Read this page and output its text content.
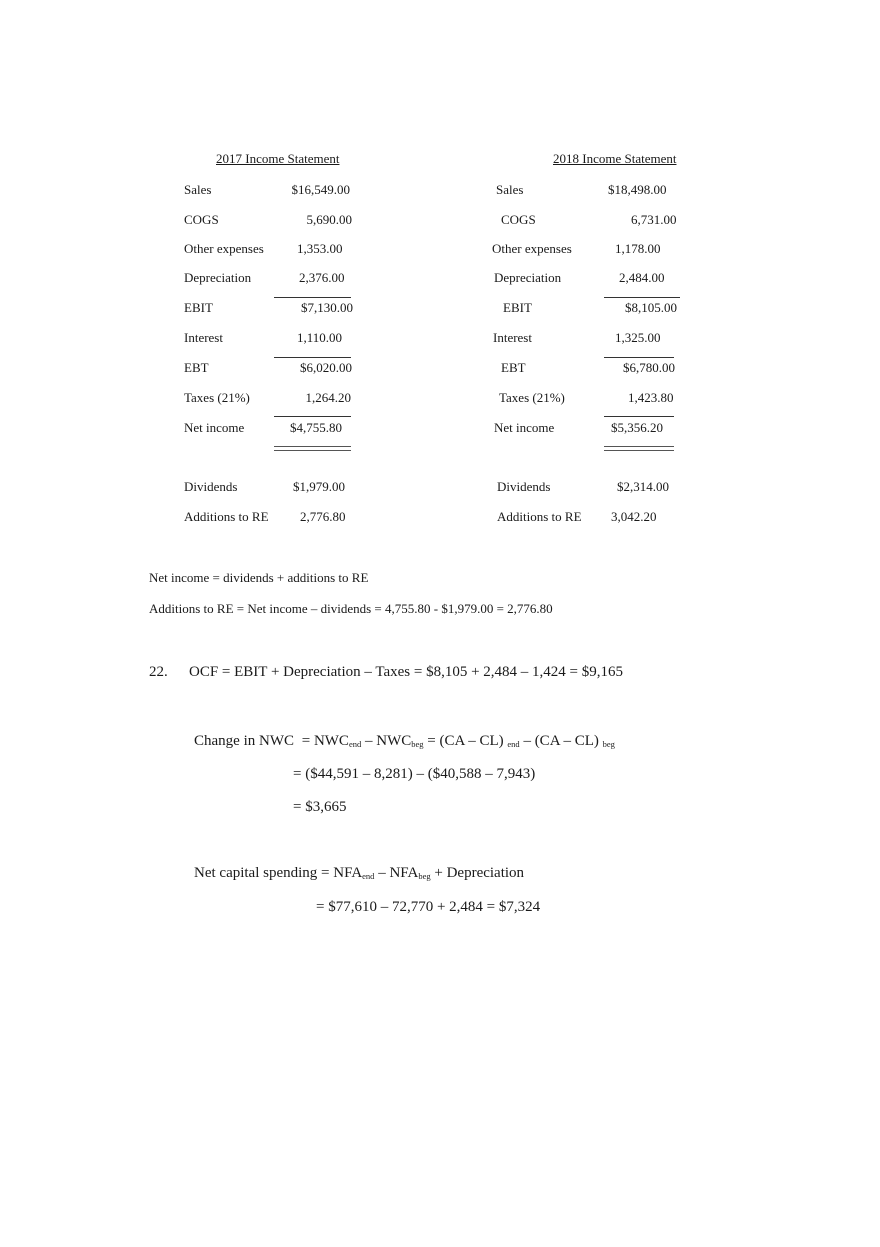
2017 Income Statement
Sales	$16,549.00
COGS	5,690.00
Other expenses	1,353.00
Depreciation	2,376.00
EBIT	$7,130.00
Interest	1,110.00
EBT	$6,020.00
Taxes (21%)	1,264.20
Net income	$4,755.80
Dividends	$1,979.00
Additions to RE 2,776.80
2018 Income Statement
Sales	$18,498.00
COGS	6,731.00
Other expenses	1,178.00
Depreciation	2,484.00
EBIT	$8,105.00
Interest	1,325.00
EBT	$6,780.00
Taxes (21%)	1,423.80
Net income	$5,356.20
Dividends	$2,314.00
Additions to RE 3,042.20
Net income = dividends + additions to RE
Additions to RE = Net income – dividends = 4,755.80 - $1,979.00 = 2,776.80
22. OCF = EBIT + Depreciation – Taxes = $8,105 + 2,484 – 1,424 = $9,165
Change in NWC = $NWC_{end} - NWC_{beg} = (CA - CL)$ $_{end}$ – (CA – CL) $_{beg}$
= ($44,591 – 8,281) – ($40,588 – 7,943)
= $3,665
Net capital spending = $NFA_{end} - NFA_{beg}$ + Depreciation
= $77,610 – 72,770 + 2,484 = $7,324
